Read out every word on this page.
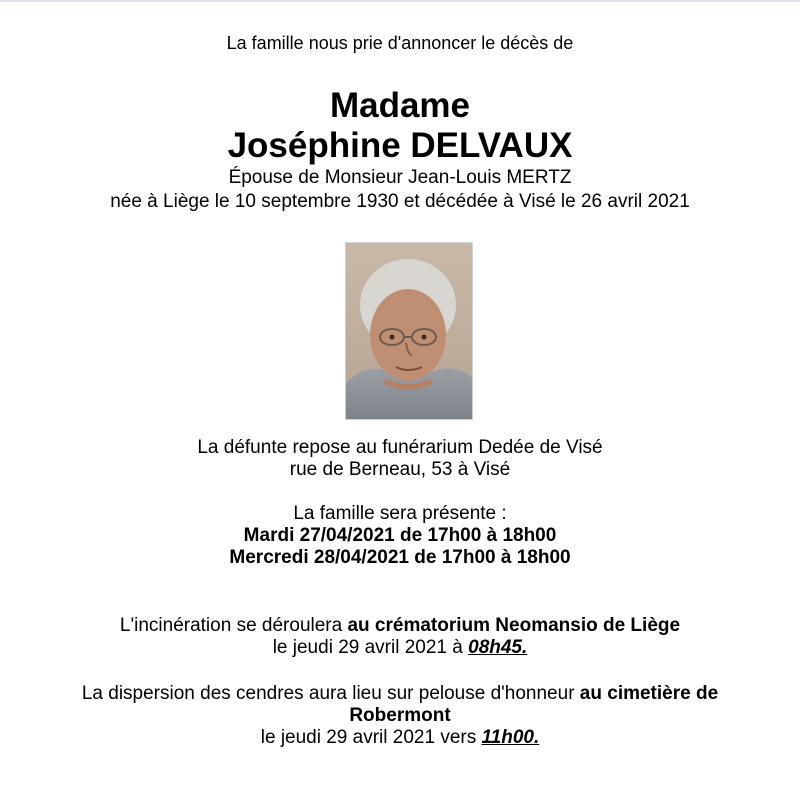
La famille nous prie d'annoncer le décès de
Madame
Joséphine DELVAUX
Épouse de Monsieur Jean-Louis MERTZ
née à Liège le 10 septembre 1930 et décédée à Visé le 26 avril 2021
La défunte repose au funérarium Dedée de Visé
rue de Berneau, 53 à Visé
La famille sera présente :
Mardi 27/04/2021 de 17h00 à 18h00
Mercredi 28/04/2021 de 17h00 à 18h00
L'incinération se déroulera au crématorium Neomansio de Liège
le jeudi 29 avril 2021 à 08h45.
La dispersion des cendres aura lieu sur pelouse d'honneur au cimetière de
Robermont
le jeudi 29 avril 2021 vers 11h00.
